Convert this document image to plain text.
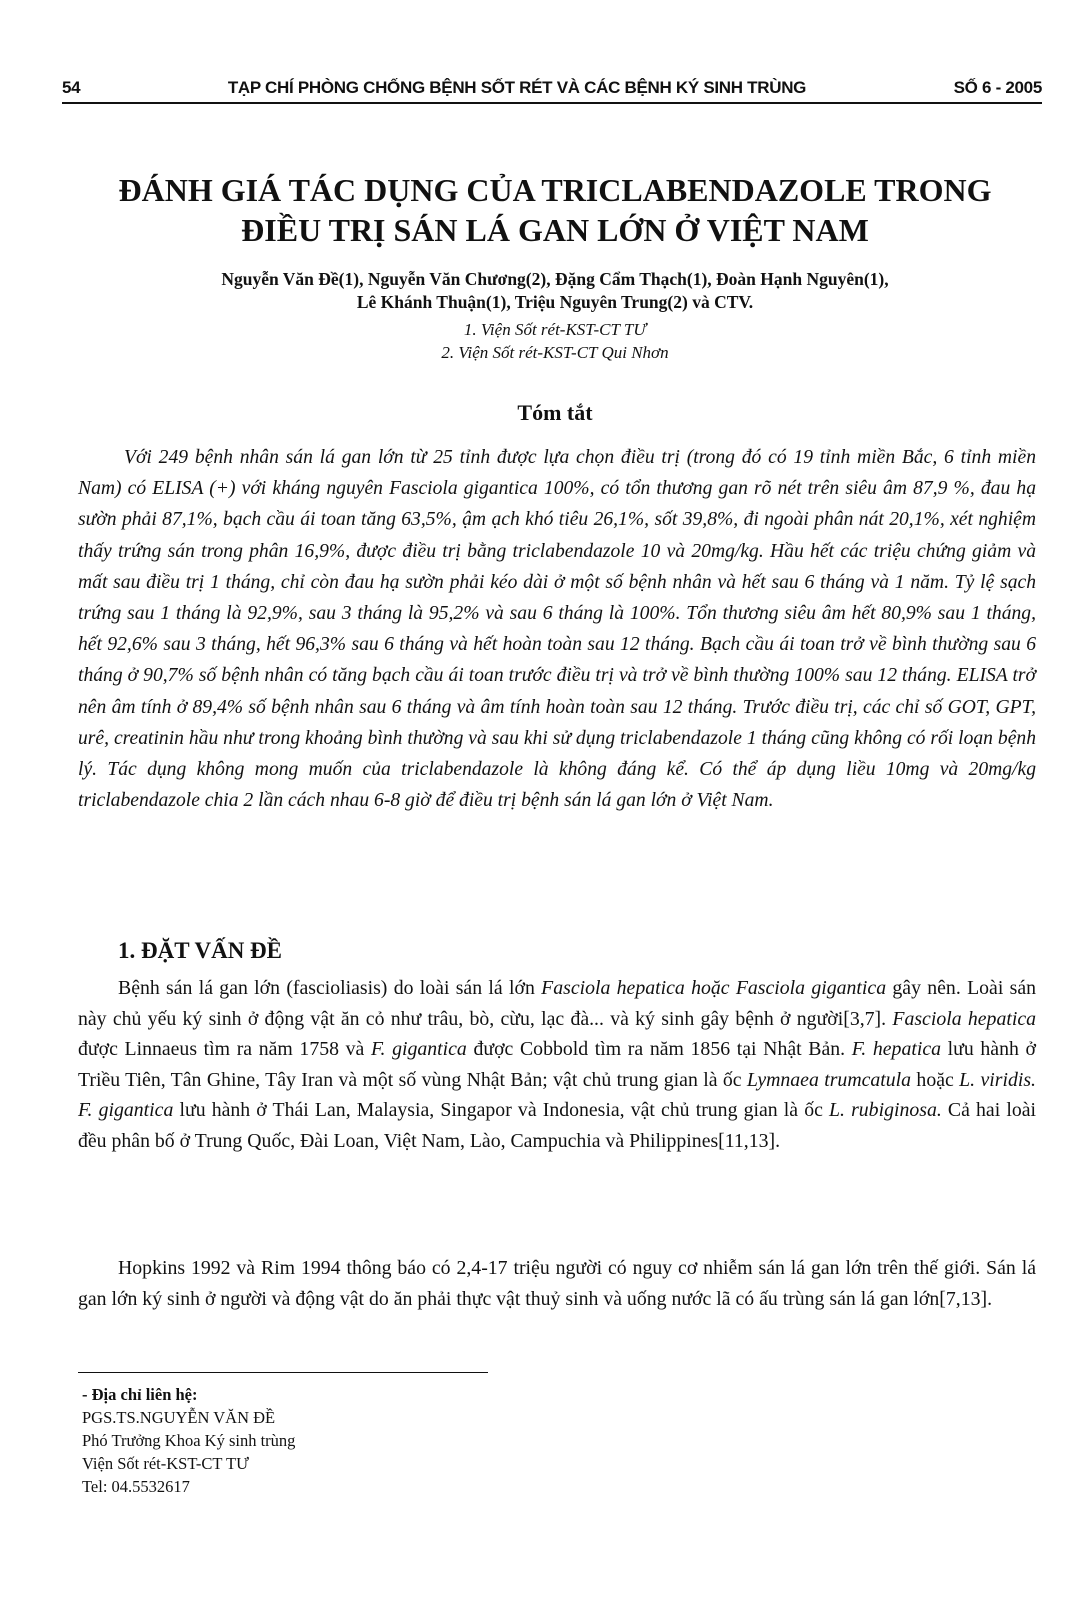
54	TẠP CHÍ PHÒNG CHỐNG BỆNH SỐT RÉT VÀ CÁC BỆNH KÝ SINH TRÙNG	SỐ 6 - 2005
ĐÁNH GIÁ TÁC DỤNG CỦA TRICLABENDAZOLE TRONG
ĐIỀU TRỊ SÁN LÁ GAN LỚN Ở VIỆT NAM
Nguyễn Văn Đề(1), Nguyễn Văn Chương(2), Đặng Cẩm Thạch(1), Đoàn Hạnh Nguyên(1),
Lê Khánh Thuận(1), Triệu Nguyên Trung(2) và CTV.
1. Viện Sốt rét-KST-CT TƯ
2. Viện Sốt rét-KST-CT Qui Nhơn
Tóm tắt
Với 249 bệnh nhân sán lá gan lớn từ 25 tỉnh được lựa chọn điều trị (trong đó có 19 tỉnh miền Bắc, 6 tỉnh miền Nam) có ELISA (+) với kháng nguyên Fasciola gigantica 100%, có tổn thương gan rõ nét trên siêu âm 87,9 %, đau hạ sườn phải 87,1%, bạch cầu ái toan tăng 63,5%, ậm ạch khó tiêu 26,1%, sốt 39,8%, đi ngoài phân nát 20,1%, xét nghiệm thấy trứng sán trong phân 16,9%, được điều trị bằng triclabendazole 10 và 20mg/kg. Hầu hết các triệu chứng giảm và mất sau điều trị 1 tháng, chỉ còn đau hạ sườn phải kéo dài ở một số bệnh nhân và hết sau 6 tháng và 1 năm. Tỷ lệ sạch trứng sau 1 tháng là 92,9%, sau 3 tháng là 95,2% và sau 6 tháng là 100%. Tổn thương siêu âm hết 80,9% sau 1 tháng, hết 92,6% sau 3 tháng, hết 96,3% sau 6 tháng và hết hoàn toàn sau 12 tháng. Bạch cầu ái toan trở về bình thường sau 6 tháng ở 90,7% số bệnh nhân có tăng bạch cầu ái toan trước điều trị và trở về bình thường 100% sau 12 tháng. ELISA trở nên âm tính ở 89,4% số bệnh nhân sau 6 tháng và âm tính hoàn toàn sau 12 tháng. Trước điều trị, các chỉ số GOT, GPT, urê, creatinin hầu như trong khoảng bình thường và sau khi sử dụng triclabendazole 1 tháng cũng không có rối loạn bệnh lý. Tác dụng không mong muốn của triclabendazole là không đáng kể. Có thể áp dụng liều 10mg và 20mg/kg triclabendazole chia 2 lần cách nhau 6-8 giờ để điều trị bệnh sán lá gan lớn ở Việt Nam.
1. ĐẶT VẤN ĐỀ
Bệnh sán lá gan lớn (fascioliasis) do loài sán lá lớn Fasciola hepatica hoặc Fasciola gigantica gây nên. Loài sán này chủ yếu ký sinh ở động vật ăn cỏ như trâu, bò, cừu, lạc đà... và ký sinh gây bệnh ở người[3,7]. Fasciola hepatica được Linnaeus tìm ra năm 1758 và F. gigantica được Cobbold tìm ra năm 1856 tại Nhật Bản. F. hepatica lưu hành ở Triều Tiên, Tân Ghine, Tây Iran và một số vùng Nhật Bản; vật chủ trung gian là ốc Lymnaea trumcatula hoặc L. viridis. F. gigantica lưu hành ở Thái Lan, Malaysia, Singapor và Indonesia, vật chủ trung gian là ốc L. rubiginosa. Cả hai loài đều phân bố ở Trung Quốc, Đài Loan, Việt Nam, Lào, Campuchia và Philippines[11,13].
Hopkins 1992 và Rim 1994 thông báo có 2,4-17 triệu người có nguy cơ nhiễm sán lá gan lớn trên thế giới. Sán lá gan lớn ký sinh ở người và động vật do ăn phải thực vật thuỷ sinh và uống nước lã có ấu trùng sán lá gan lớn[7,13].
- Địa chỉ liên hệ:
PGS.TS.NGUYỄN VĂN ĐỀ
Phó Trưởng Khoa Ký sinh trùng
Viện Sốt rét-KST-CT TƯ
Tel: 04.5532617
